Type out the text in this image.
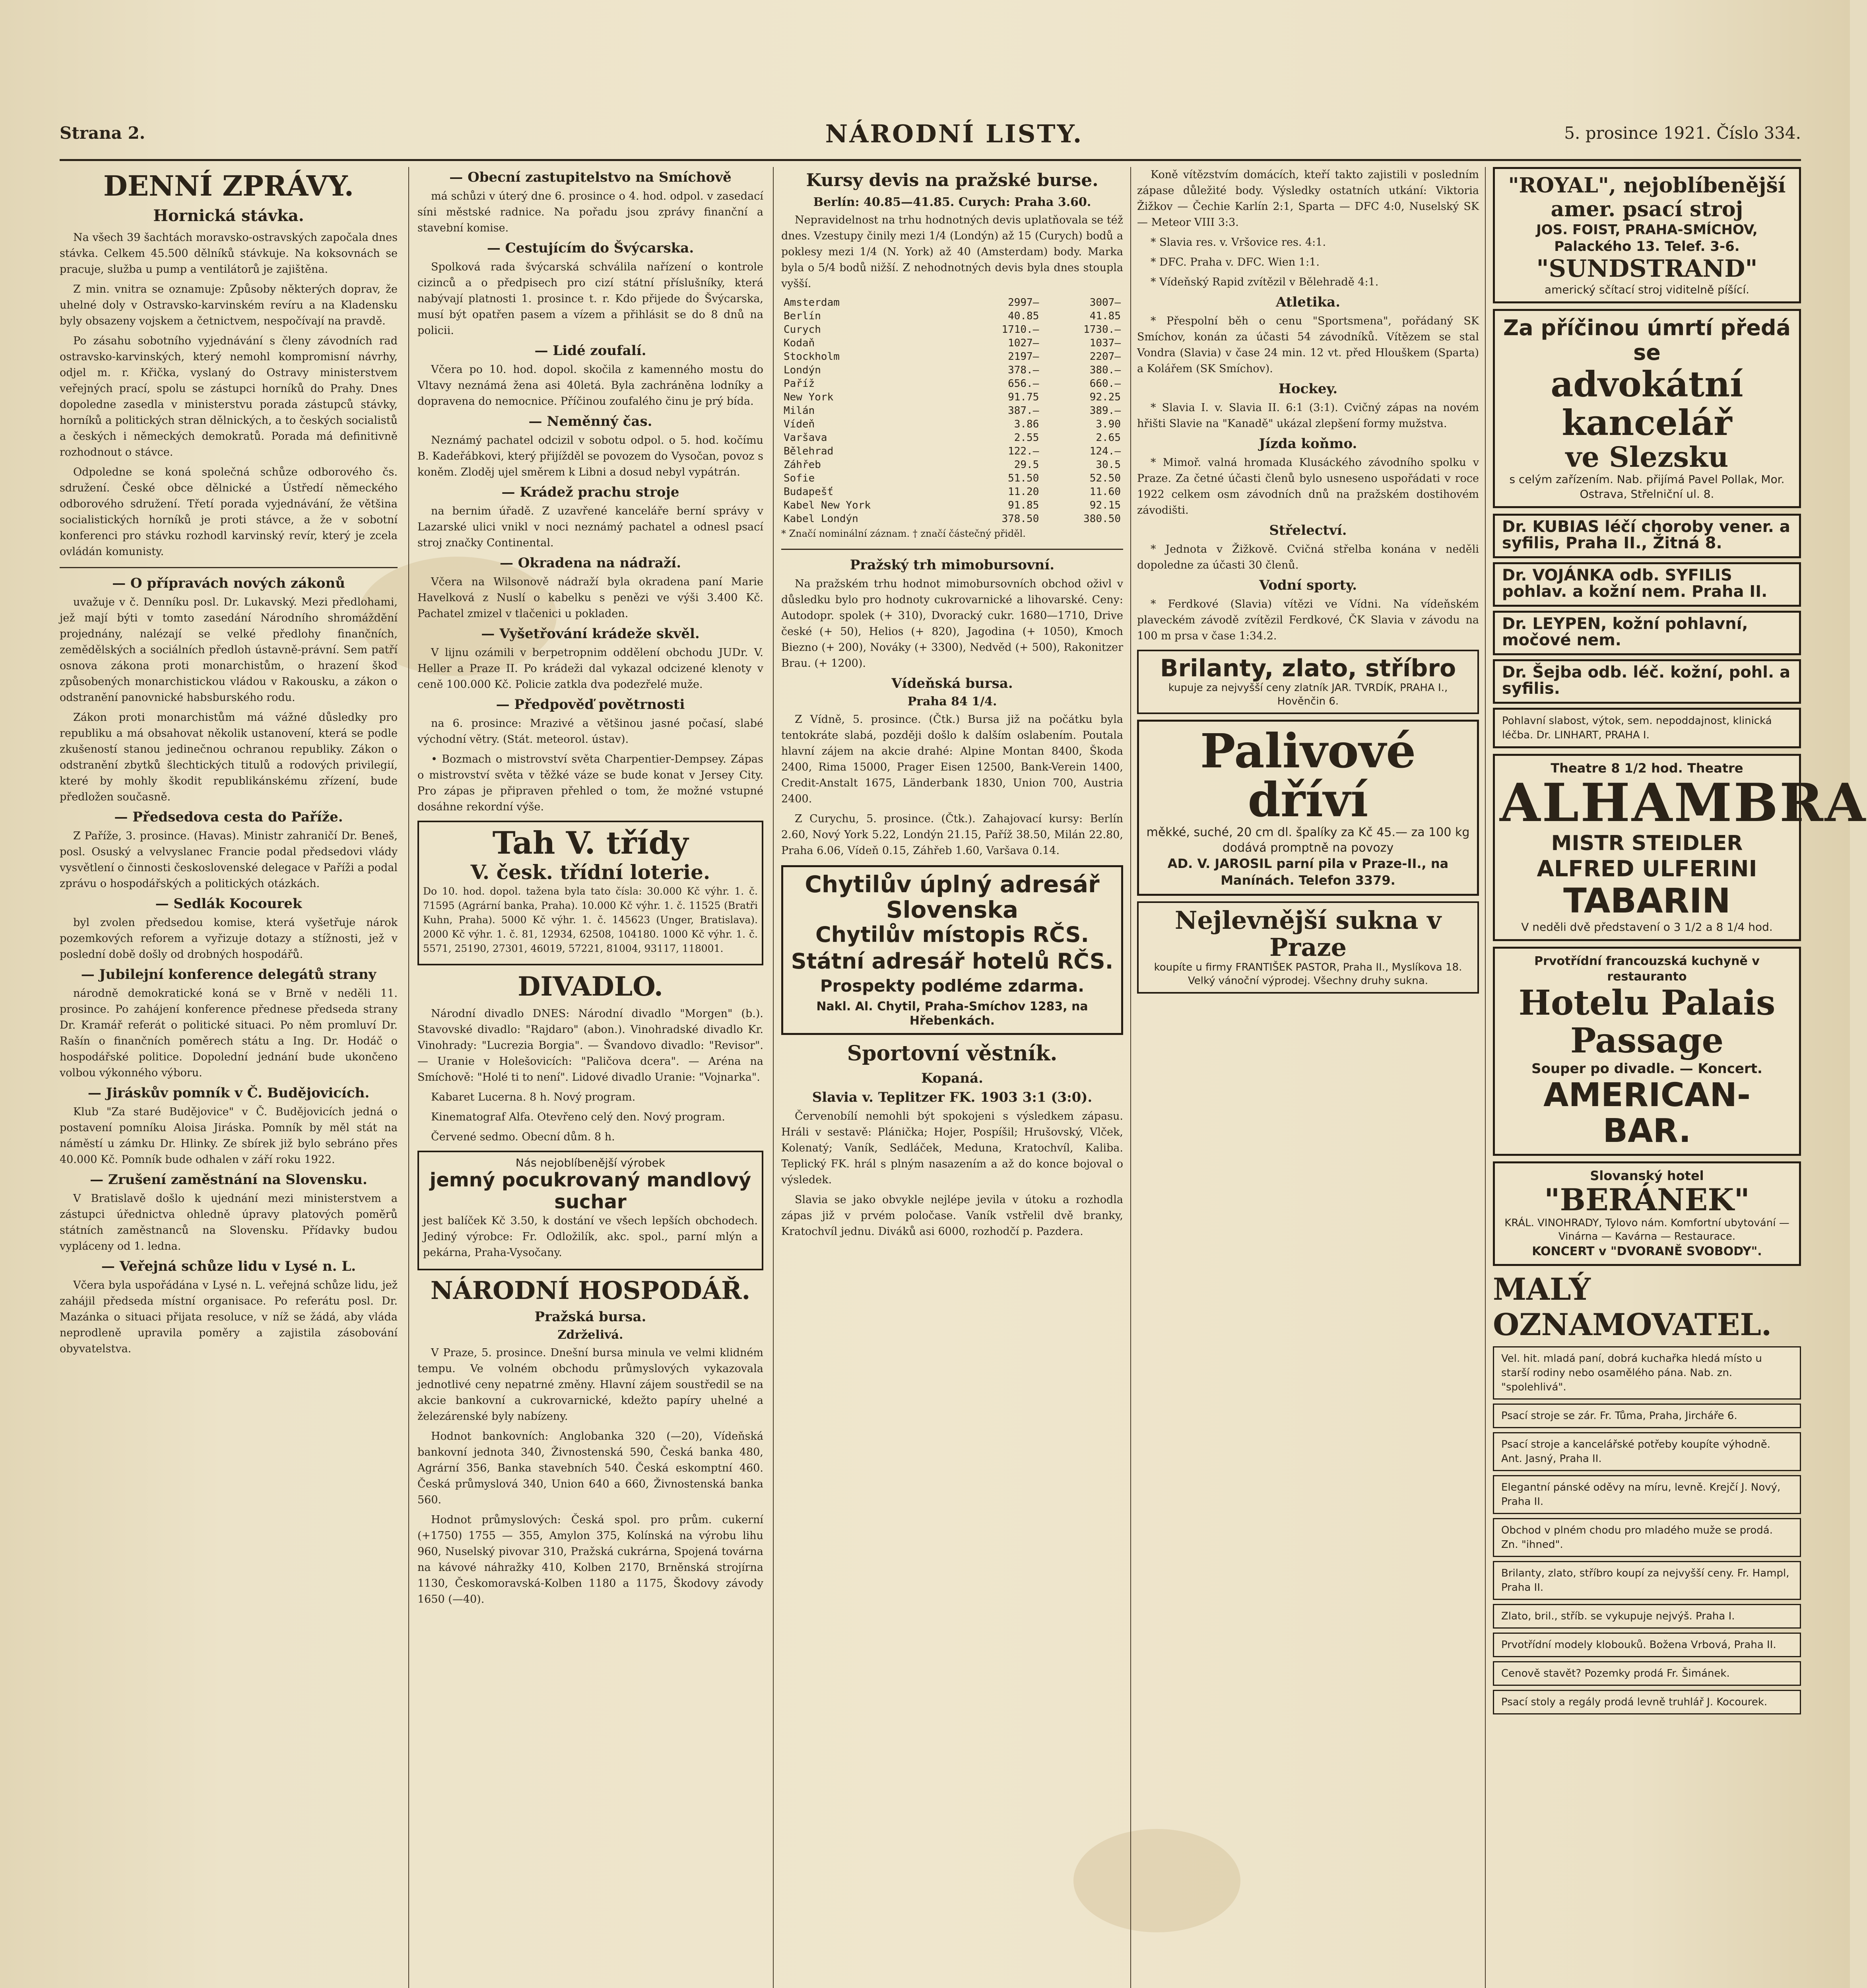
Strana 2.	NÁRODNÍ LISTY.	5. prosince 1921. Číslo 334.
DENNÍ ZPRÁVY.
Hornická stávka.

Na všech 39 šachtách moravsko-ostravských započala dnes stávka. Celkem 45.500 dělníků stávkuje. Na koksovnách se pracuje, služba u pump a ventilátorů je zajištěna.

Z min. vnitra se oznamuje: Způsoby některých doprav, že uhelné doly v Ostravsko-karvinském revíru a na Kladensku byly obsazeny vojskem a četnictvem, nespočívají na pravdě.

Po zásahu sobotního vyjednávání s členy závodních rad ostravsko-karvinských, který nemohl kompromisní návrhy, odjel m. r. Křička, vyslaný do Ostravy ministerstvem veřejných prací, spolu se zástupci horníků do Prahy. Dnes dopoledne zasedla v ministerstvu porada zástupců stávky, horníků a politických stran dělnických, a to českých socialistů a českých i německých demokratů. Porada má definitivně rozhodnout o stávce.

Odpoledne se koná společná schůze odborového čs. sdružení. České obce dělnické a Ústředí německého odborového sdružení. Třetí porada vyjednávání, že většina socialistických horníků je proti stávce, a že v sobotní konferenci pro stávku rozhodl karvinský revír, který je zcela ovládán komunisty.

— O přípravách nových zákonů

uvažuje v č. Denníku posl. Dr. Lukavský. Mezi předlohami, jež mají býti v tomto zasedání Národního shromáždění projednány, nalézají se velké předlohy finančních, zemědělských a sociálních předloh ústavně-právní. Sem patří osnova zákona proti monarchistům, o hrazení škod způsobených monarchistickou vládou v Rakousku, a zákon o odstranění panovnické habsburského rodu.

Zákon proti monarchistům má vážné důsledky pro republiku a má obsahovat několik ustanovení, která se podle zkušeností stanou jedinečnou ochranou republiky. Zákon o odstranění zbytků šlechtických titulů a rodových privilegií, které by mohly škodit republikánskému zřízení, bude předložen současně.

— Předsedova cesta do Paříže.

Z Paříže, 3. prosince. (Havas). Ministr zahraničí Dr. Beneš, posl. Osuský a velvyslanec Francie podal předsedovi vlády vysvětlení o činnosti československé delegace v Paříži a podal zprávu o hospodářských a politických otázkách.

— Sedlák Kocourek

byl zvolen předsedou komise, která vyšetřuje nárok pozemkových reforem a vyřizuje dotazy a stížnosti, jež v poslední době došly od drobných hospodářů.

— Jubilejní konference delegátů strany

národně demokratické koná se v Brně v neděli 11. prosince. Po zahájení konference přednese předseda strany Dr. Kramář referát o politické situaci. Po něm promluví Dr. Rašín o finančních poměrech státu a Ing. Dr. Hodáč o hospodářské politice. Dopolední jednání bude ukončeno volbou výkonného výboru.

— Jiráskův pomník v Č. Budějovicích.

Klub "Za staré Budějovice" v Č. Budějovicích jedná o postavení pomníku Aloisa Jiráska. Pomník by měl stát na náměstí u zámku Dr. Hlinky. Ze sbírek již bylo sebráno přes 40.000 Kč. Pomník bude odhalen v září roku 1922.

— Zrušení zaměstnání na Slovensku.

V Bratislavě došlo k ujednání mezi ministerstvem a zástupci úřednictva ohledně úpravy platových poměrů státních zaměstnanců na Slovensku. Přídavky budou vypláceny od 1. ledna.

— Veřejná schůze lidu v Lysé n. L.

Včera byla uspořádána v Lysé n. L. veřejná schůze lidu, jež zahájil předseda místní organisace. Po referátu posl. Dr. Mazánka o situaci přijata resoluce, v níž se žádá, aby vláda neprodleně upravila poměry a zajistila zásobování obyvatelstva.

— Obecní zastupitelstvo na Smíchově

má schůzi v úterý dne 6. prosince o 4. hod. odpol. v zasedací síni městské radnice. Na pořadu jsou zprávy finanční a stavební komise.

— Cestujícím do Švýcarska.

Spolková rada švýcarská schválila nařízení o kontrole cizinců a o předpisech pro cizí státní příslušníky, která nabývají platnosti 1. prosince t. r. Kdo přijede do Švýcarska, musí být opatřen pasem a vízem a přihlásit se do 8 dnů na policii.

— Lidé zoufalí.

Včera po 10. hod. dopol. skočila z kamenného mostu do Vltavy neznámá žena asi 40letá. Byla zachráněna lodníky a dopravena do nemocnice. Příčinou zoufalého činu je prý bída.

— Neměnný čas.

Neznámý pachatel odcizil v sobotu odpol. o 5. hod. kočímu B. Kadeřábkovi, který přijížděl se povozem do Vysočan, povoz s koněm. Zloděj ujel směrem k Libni a dosud nebyl vypátrán.

— Krádež prachu stroje

na bernim úřadě. Z uzavřené kanceláře berní správy v Lazarské ulici vnikl v noci neznámý pachatel a odnesl psací stroj značky Continental.

— Okradena na nádraží.

Včera na Wilsonově nádraží byla okradena paní Marie Havelková z Nuslí o kabelku s penězi ve výši 3.400 Kč. Pachatel zmizel v tlačenici u pokladen.

— Vyšetřování krádeže skvěl.

V lijnu ozámili v berpetropnim oddělení obchodu JUDr. V. Heller a Praze II. Po krádeži dal vykazal odcizené klenoty v ceně 100.000 Kč. Policie zatkla dva podezřelé muže.

— Předpověď povětrnosti

na 6. prosince: Mrazivé a většinou jasné počasí, slabé východní větry. (Stát. meteorol. ústav).

• Bozmach o mistrovství světa Charpentier-Dempsey. Zápas o mistrovství světa v těžké váze se bude konat v Jersey City. Pro zápas je připraven přehled o tom, že možné vstupné dosáhne rekordní výše.

Tah V. třídy
V. česk. třídní loterie.

Do 10. hod. dopol. tažena byla tato čísla: 30.000 Kč výhr. 1. č. 71595 (Agrární banka, Praha). 10.000 Kč výhr. 1. č. 11525 (Bratři Kuhn, Praha). 5000 Kč výhr. 1. č. 145623 (Unger, Bratislava). 2000 Kč výhr. 1. č. 81, 12934, 62508, 104180. 1000 Kč výhr. 1. č. 5571, 25190, 27301, 46019, 57221, 81004, 93117, 118001.

DIVADLO.

Národní divadlo DNES: Národní divadlo "Morgen" (b.). Stavovské divadlo: "Rajdaro" (abon.). Vinohradské divadlo Kr. Vinohrady: "Lucrezia Borgia". — Švandovo divadlo: "Revisor". — Uranie v Holešovicích: "Paličova dcera". — Aréna na Smíchově: "Holé ti to není". Lidové divadlo Uranie: "Vojnarka".

Kabaret Lucerna. 8 h. Nový program.

Kinematograf Alfa. Otevřeno celý den. Nový program.

Červené sedmo. Obecní dům. 8 h.

Nás nejoblíbenější výrobek
jemný pocukrovaný mandlový suchar

jest balíček Kč 3.50, k dostání ve všech lepších obchodech. Jediný výrobce: Fr. Odložilík, akc. spol., parní mlýn a pekárna, Praha-Vysočany.

NÁRODNÍ HOSPODÁŘ.
Pražská bursa.
Zdrželivá.

V Praze, 5. prosince. Dnešní bursa minula ve velmi klidném tempu. Ve volném obchodu průmyslových vykazovala jednotlivé ceny nepatrné změny. Hlavní zájem soustředil se na akcie bankovní a cukrovarnické, kdežto papíry uhelné a železárenské byly nabízeny.

Hodnot bankovních: Anglobanka 320 (—20), Vídeňská bankovní jednota 340, Živnostenská 590, Česká banka 480, Agrární 356, Banka stavebních 540. Česká eskomptní 460. Česká průmyslová 340, Union 640 a 660, Živnostenská banka 560.

Hodnot průmyslových: Česká spol. pro prům. cukerní (+1750) 1755 — 355, Amylon 375, Kolínská na výrobu lihu 960, Nuselský pivovar 310, Pražská cukrárna, Spojená továrna na kávové náhražky 410, Kolben 2170, Brněnská strojírna 1130, Českomoravská-Kolben 1180 a 1175, Škodovy závody 1650 (—40).

Kursy devis na pražské burse.
Berlín: 40.85—41.85. Curych: Praha 3.60.

Nepravidelnost na trhu hodnotných devis uplatňovala se též dnes. Vzestupy činily mezi 1/4 (Londýn) až 15 (Curych) bodů a poklesy mezi 1/4 (N. York) až 40 (Amsterdam) body. Marka byla o 5/4 bodů nižší. Z nehodnotných devis byla dnes stoupla vyšší.

Amsterdam	2997—	3007—
Berlín	40.85	41.85
Curych	1710.—	1730.—
Kodaň	1027—	1037—
Stockholm	2197—	2207—
Londýn	378.—	380.—
Paříž	656.—	660.—
New York	91.75	92.25
Milán	387.—	389.—
Vídeň	3.86	3.90
Varšava	2.55	2.65
Bělehrad	122.—	124.—
Záhřeb	29.5	30.5
Sofie	51.50	52.50
Budapešť	11.20	11.60
Kabel New York	91.85	92.15
Kabel Londýn	378.50	380.50

* Značí nominální záznam. † značí částečný přiděl.

Pražský trh mimobursovní.

Na pražském trhu hodnot mimobursovních obchod oživl v důsledku bylo pro hodnoty cukrovarnické a lihovarské. Ceny: Autodopr. spolek (+ 310), Dvoracký cukr. 1680—1710, Drive české (+ 50), Helios (+ 820), Jagodina (+ 1050), Kmoch Biezno (+ 200), Nováky (+ 3300), Nedvěd (+ 500), Rakonitzer Brau. (+ 1200).

Vídeňská bursa.
Praha 84 1/4.

Z Vídně, 5. prosince. (Čtk.) Bursa již na počátku byla tentokráte slabá, později došlo k dalším oslabením. Poutala hlavní zájem na akcie drahé: Alpine Montan 8400, Škoda 2400, Rima 15000, Prager Eisen 12500, Bank-Verein 1400, Credit-Anstalt 1675, Länderbank 1830, Union 700, Austria 2400.

Z Curychu, 5. prosince. (Čtk.). Zahajovací kursy: Berlín 2.60, Nový York 5.22, Londýn 21.15, Paříž 38.50, Milán 22.80, Praha 6.06, Vídeň 0.15, Záhřeb 1.60, Varšava 0.14.

Chytilův úplný adresář
Slovenska
Chytilův místopis RČS.
Státní adresář hotelů RČS.
Prospekty podléme zdarma.
Nakl. Al. Chytil, Praha-Smíchov 1283, na Hřebenkách.
Sportovní věstník.
Kopaná.
Slavia v. Teplitzer FK. 1903 3:1 (3:0).

Červenobílí nemohli být spokojeni s výsledkem zápasu. Hráli v sestavě: Plánička; Hojer, Pospíšil; Hrušovský, Vlček, Kolenatý; Vaník, Sedláček, Meduna, Kratochvíl, Kaliba. Teplický FK. hrál s plným nasazením a až do konce bojoval o výsledek.

Slavia se jako obvykle nejlépe jevila v útoku a rozhodla zápas již v prvém poločase. Vaník vstřelil dvě branky, Kratochvíl jednu. Diváků asi 6000, rozhodčí p. Pazdera.

Koně vítězstvím domácích, kteří takto zajistili v posledním zápase důležité body. Výsledky ostatních utkání: Viktoria Žižkov — Čechie Karlín 2:1, Sparta — DFC 4:0, Nuselský SK — Meteor VIII 3:3.

* Slavia res. v. Vršovice res. 4:1.

* DFC. Praha v. DFC. Wien 1:1.

* Vídeňský Rapid zvítězil v Bělehradě 4:1.

Atletika.

* Přespolní běh o cenu "Sportsmena", pořádaný SK Smíchov, konán za účasti 54 závodníků. Vítězem se stal Vondra (Slavia) v čase 24 min. 12 vt. před Hlouškem (Sparta) a Kolářem (SK Smíchov).

Hockey.

* Slavia I. v. Slavia II. 6:1 (3:1). Cvičný zápas na novém hřišti Slavie na "Kanadě" ukázal zlepšení formy mužstva.

Jízda koňmo.

* Mimoř. valná hromada Klusáckého závodního spolku v Praze. Za četné účasti členů bylo usneseno uspořádati v roce 1922 celkem osm závodních dnů na pražském dostihovém závodišti.

Střelectví.

* Jednota v Žižkově. Cvičná střelba konána v neděli dopoledne za účasti 30 členů.

Vodní sporty.

* Ferdkové (Slavia) vítězi ve Vídni. Na vídeňském plaveckém závodě zvítězil Ferdkové, ČK Slavia v závodu na 100 m prsa v čase 1:34.2.

Brilanty, zlato, stříbro
kupuje za nejvyšší ceny zlatník JAR. TVRDÍK, PRAHA I., Hověnčin 6.
Palivové dříví
měkké, suché, 20 cm dl. špalíky za Kč 45.— za 100 kg dodává promptně na povozy
AD. V. JAROSIL parní pila v Praze-II., na Manínách. Telefon 3379.
Nejlevnější sukna v Praze
koupíte u firmy FRANTIŠEK PASTOR, Praha II., Myslíkova 18. Velký vánoční výprodej. Všechny druhy sukna.
"ROYAL", nejoblíbenější amer. psací stroj
JOS. FOIST, PRAHA-SMÍCHOV, Palackého 13. Telef. 3-6.
"SUNDSTRAND"
americký sčítací stroj viditelně píšící.
Za příčinou úmrtí předá se
advokátní kancelář
ve Slezsku
s celým zařízením. Nab. přijímá Pavel Pollak, Mor. Ostrava, Střelniční ul. 8.
Dr. KUBIAS léčí choroby vener. a syfilis, Praha II., Žitná 8.
Dr. VOJÁNKA odb. SYFILIS pohlav. a kožní nem. Praha II.
Dr. LEYPEN, kožní pohlavní, močové nem.
Dr. Šejba odb. léč. kožní, pohl. a syfilis.
Pohlavní slabost, výtok, sem. nepoddajnost, klinická léčba. Dr. LINHART, PRAHA I.
Theatre 8 1/2 hod. Theatre
ALHAMBRA
MISTR STEIDLER
ALFRED ULFERINI
TABARIN
V neděli dvě představení o 3 1/2 a 8 1/4 hod.
Prvotřídní francouzská kuchyně v restauranto
Hotelu Palais Passage
Souper po divadle. — Koncert.
AMERICAN-BAR.
Slovanský hotel
"BERÁNEK"
KRÁL. VINOHRADY, Tylovo nám. Komfortní ubytování — Vinárna — Kavárna — Restaurace.
KONCERT v "DVORANĚ SVOBODY".
MALÝ OZNAMOVATEL.
Vel. hit. mladá paní, dobrá kuchařka hledá místo u starší rodiny nebo osamělého pána. Nab. zn. "spolehlivá".
Psací stroje se zár. Fr. Tůma, Praha, Jircháře 6.
Psací stroje a kancelářské potřeby koupíte výhodně. Ant. Jasný, Praha II.
Elegantní pánské oděvy na míru, levně. Krejčí J. Nový, Praha II.
Obchod v plném chodu pro mladého muže se prodá. Zn. "ihned".
Brilanty, zlato, stříbro koupí za nejvyšší ceny. Fr. Hampl, Praha II.
Zlato, bril., stříb. se vykupuje nejvýš. Praha I.
Prvotřídní modely klobouků. Božena Vrbová, Praha II.
Cenově stavět? Pozemky prodá Fr. Šimánek.
Psací stoly a regály prodá levně truhlář J. Kocourek.
